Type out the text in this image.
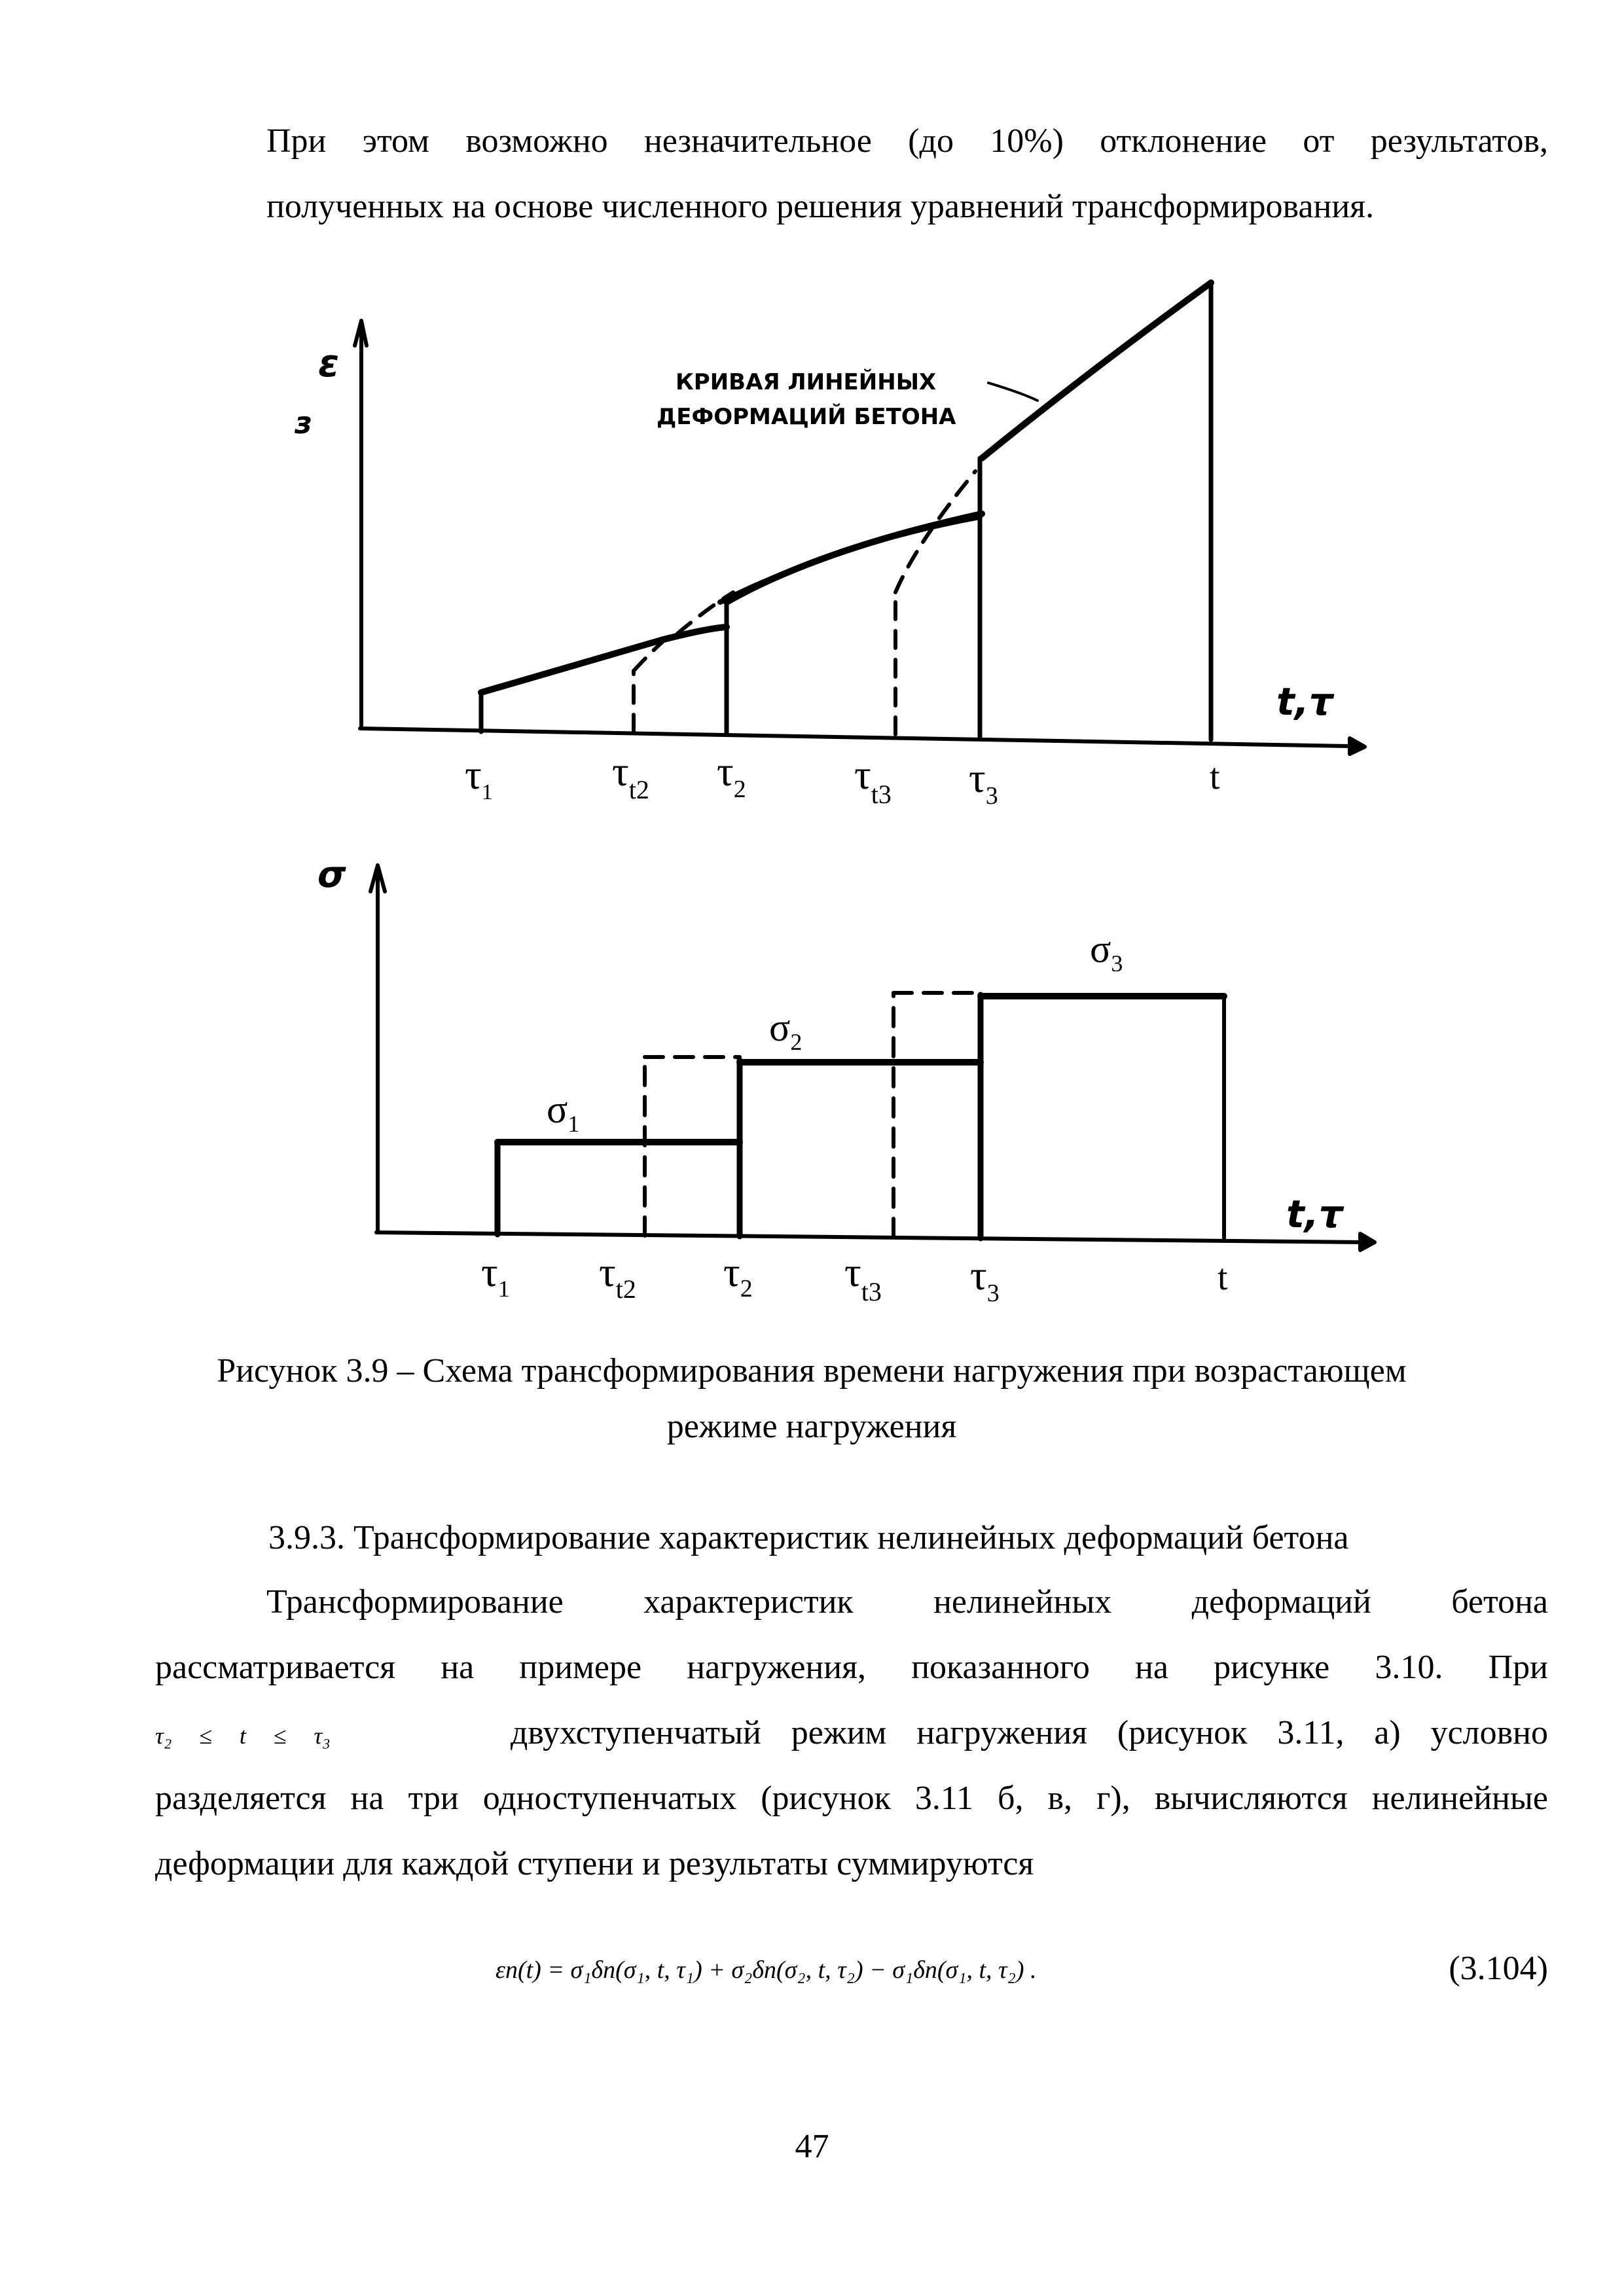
При этом возможно незначительное (до 10%) отклонение от результатов,
полученных на основе численного решения уравнений трансформирования.
ε
з
КРИВАЯ ЛИНЕЙНЫХ
ДЕФОРМАЦИЙ БЕТОНА
t,τ
$\tau_1$	$\tau_{t2}$ $\tau_2$	$\tau_{t3}$ $\tau_3$	t
σ
t,τ
$\sigma_1$
$\sigma_2$
$\sigma_3$
$\tau_1$ $\tau_{t2}$ $\tau_2$ $\tau_{t3}$ $\tau_3$	t
Рисунок 3.9 – Схема трансформирования времени нагружения при возрастающем
режиме нагружения
3.9.3. Трансформирование характеристик нелинейных деформаций бетона
Трансформирование характеристик нелинейных деформаций бетона
рассматривается на примере нагружения, показанного на рисунке 3.10. При
τ₂ ≤ t ≤ τ₃	двухступенчатый режим нагружения (рисунок 3.11, а) условно
разделяется на три одноступенчатых (рисунок 3.11 б, в, г), вычисляются нелинейные
деформации для каждой ступени и результаты суммируются
εп(t) = σ₁δп(σ₁, t, τ₁) + σ₂δп(σ₂, t, τ₂) − σ₁δп(σ₁, t, τ₂) .	(3.104)
47
